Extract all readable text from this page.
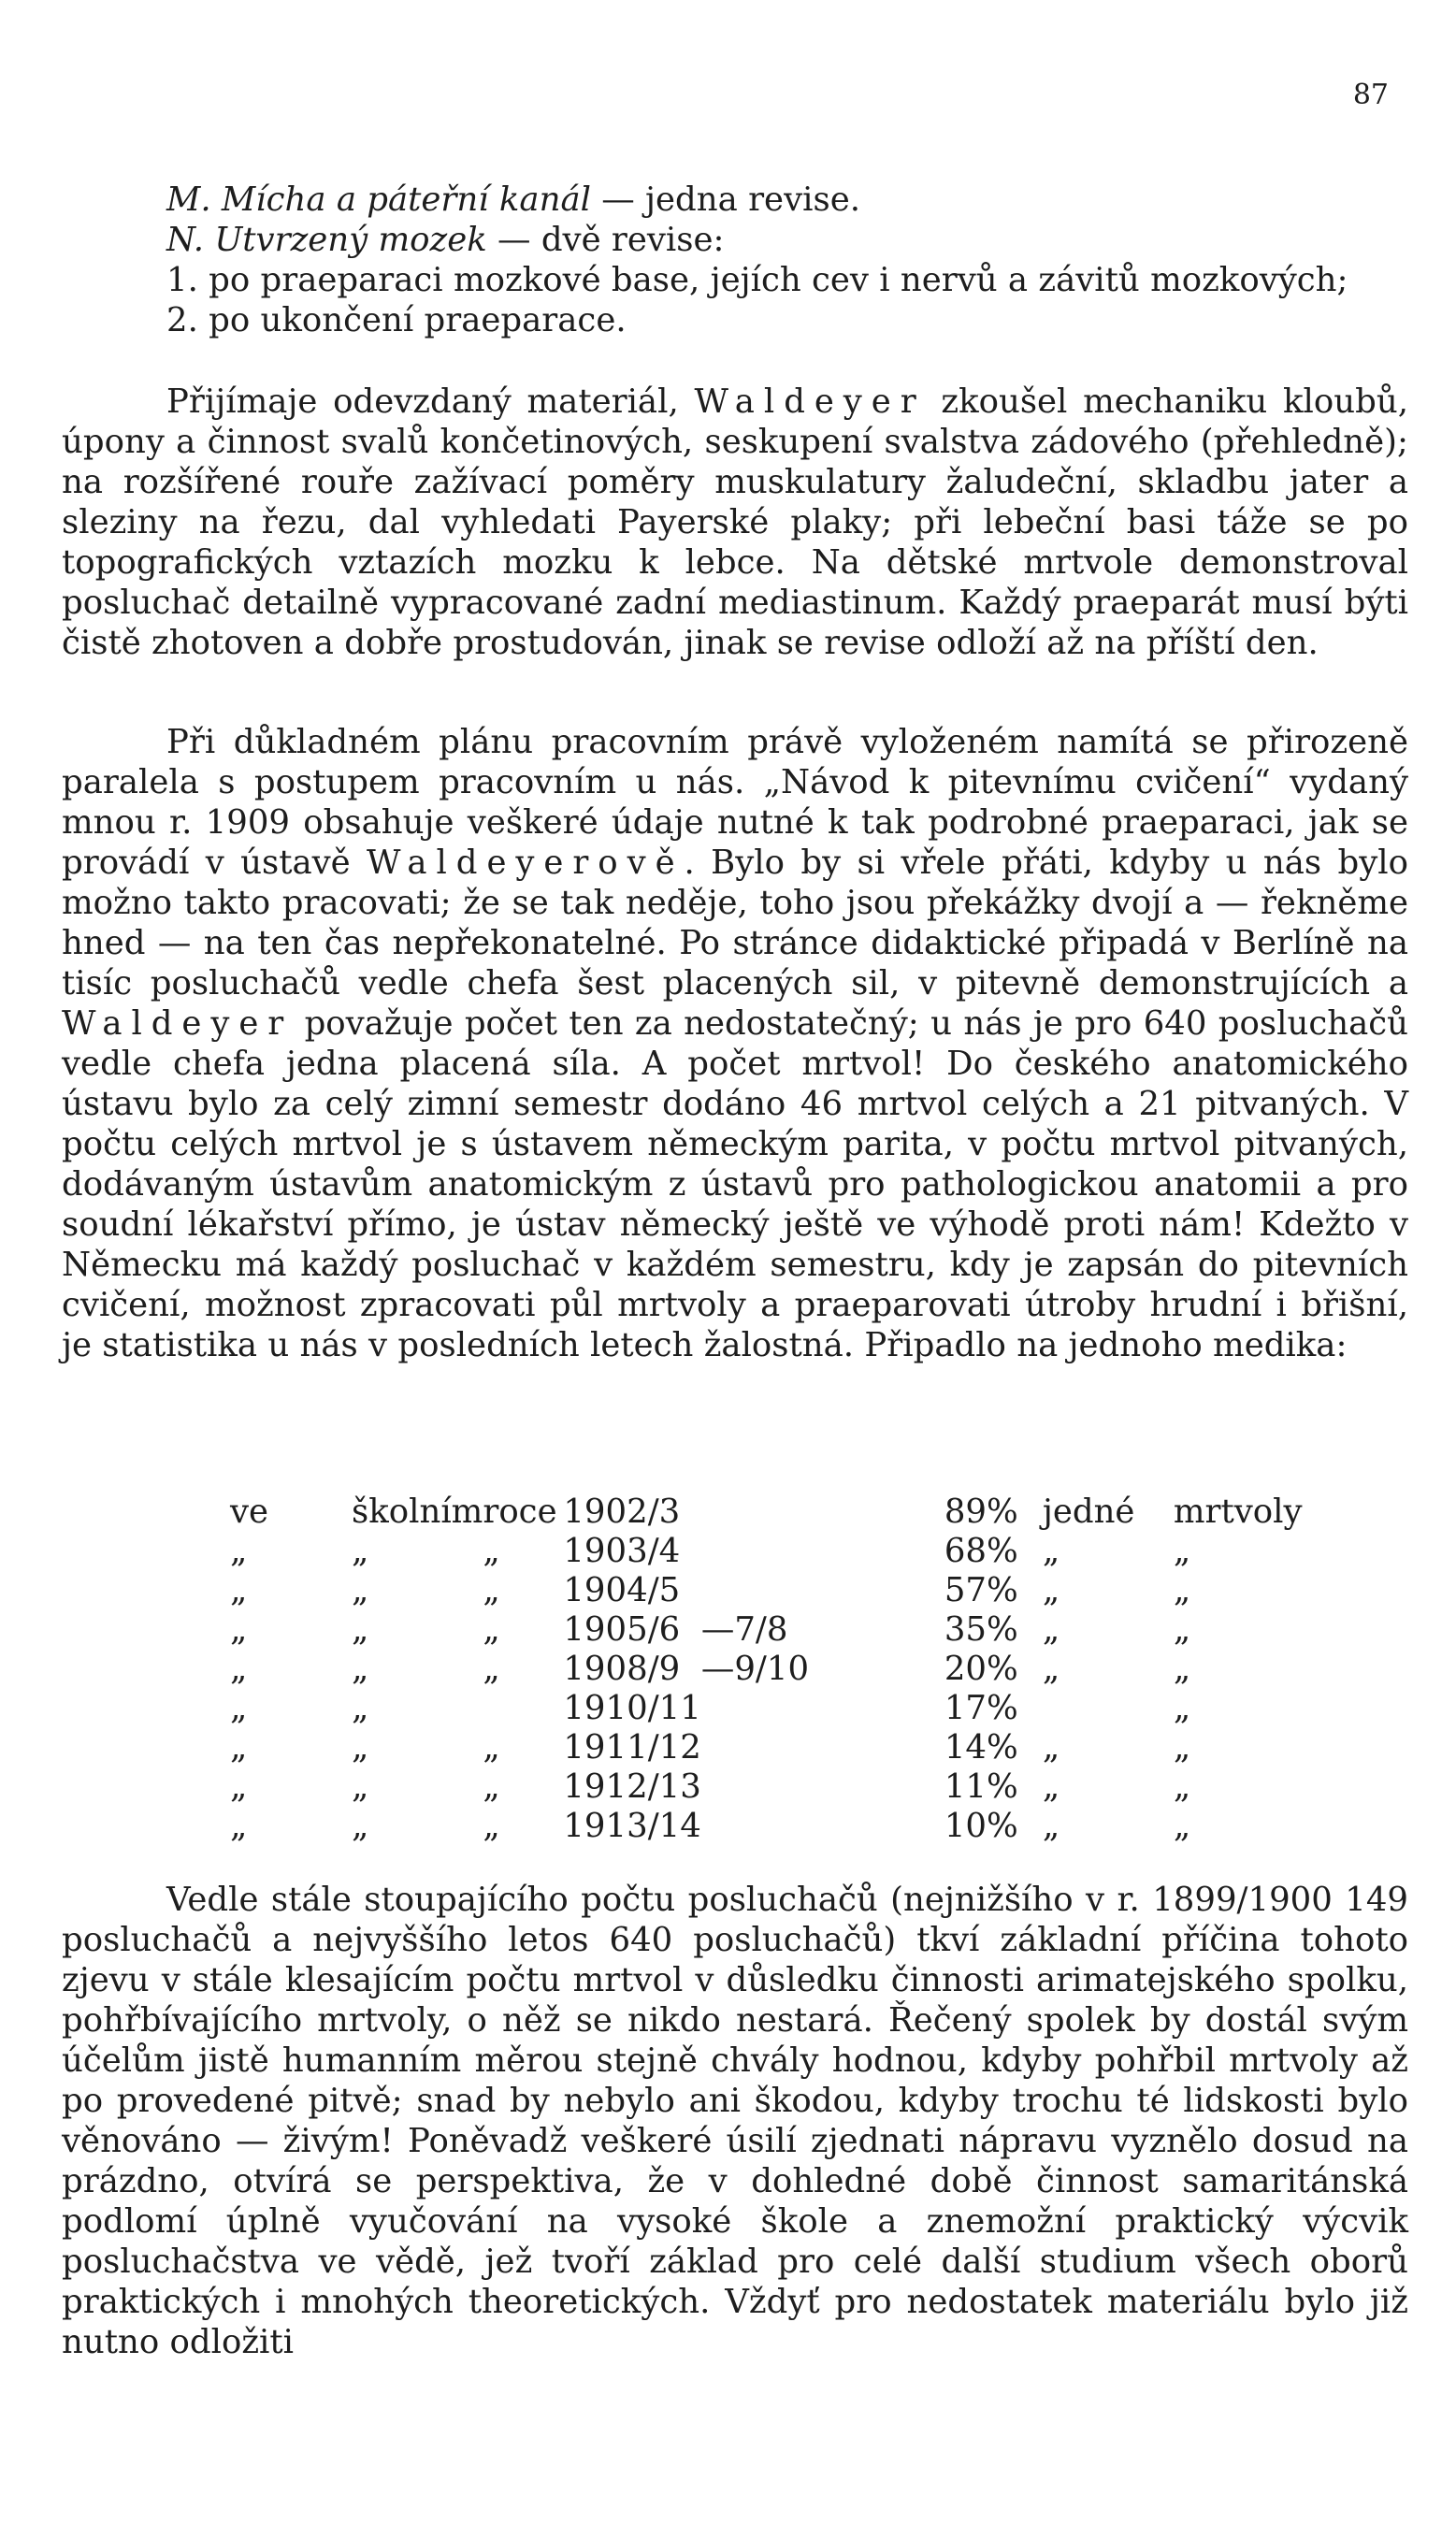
87

M. Mícha a páteřní kanál — jedna revise.

N. Utvrzený mozek — dvě revise:

1. po praeparaci mozkové base, jejích cev i nervů a závitů mozkových;

2. po ukončení praeparace.

Přijímaje odevzdaný materiál, Waldeyer zkoušel mechaniku kloubů, úpony a činnost svalů končetinových, seskupení svalstva zádového (přehledně); na rozšířené rouře zažívací poměry muskulatury žaludeční, skladbu jater a sleziny na řezu, dal vyhledati Payerské plaky; při lebeční basi táže se po topografických vztazích mozku k lebce. Na dětské mrtvole demonstroval posluchač detailně vypracované zadní mediastinum. Každý praeparát musí býti čistě zhotoven a dobře prostudován, jinak se revise odloží až na příští den.

Při důkladném plánu pracovním právě vyloženém namítá se přirozeně paralela s postupem pracovním u nás. „Návod k pitevnímu cvičení“ vydaný mnou r. 1909 obsahuje veškeré údaje nutné k tak podrobné praeparaci, jak se provádí v ústavě Waldeyerově. Bylo by si vřele přáti, kdyby u nás bylo možno takto pracovati; že se tak neděje, toho jsou překážky dvojí a — řekněme hned — na ten čas nepřekonatelné. Po stránce didaktické připadá v Berlíně na tisíc posluchačů vedle chefa šest placených sil, v pitevně demonstrujících a Waldeyer považuje počet ten za nedostatečný; u nás je pro 640 posluchačů vedle chefa jedna placená síla. A počet mrtvol! Do českého anatomického ústavu bylo za celý zimní semestr dodáno 46 mrtvol celých a 21 pitvaných. V počtu celých mrtvol je s ústavem německým parita, v počtu mrtvol pitvaných, dodávaným ústavům anatomickým z ústavů pro pathologickou anatomii a pro soudní lékařství přímo, je ústav německý ještě ve výhodě proti nám! Kdežto v Německu má každý posluchač v každém semestru, kdy je zapsán do pitevních cvičení, možnost zpracovati půl mrtvoly a praeparovati útroby hrudní i břišní, je statistika u nás v posledních letech žalostná. Připadlo na jednoho medika:

ve	školním	roce	1902/3		89%	jedné	mrtvoly
„	„	„	1903/4		68%	„	„
„	„	„	1904/5		57%	„	„
„	„	„	1905/6	—7/8	35%	„	„
„	„	„	1908/9	—9/10	20%	„	„
„	„		1910/11		17%		„
„	„	„	1911/12		14%	„	„
„	„	„	1912/13		11%	„	„
„	„	„	1913/14		10%	„	„

Vedle stále stoupajícího počtu posluchačů (nejnižšího v r. 1899/1900 149 posluchačů a nejvyššího letos 640 posluchačů) tkví základní příčina tohoto zjevu v stále klesajícím počtu mrtvol v důsledku činnosti arimatejského spolku, pohřbívajícího mrtvoly, o něž se nikdo nestará. Řečený spolek by dostál svým účelům jistě humanním měrou stejně chvály hodnou, kdyby pohřbil mrtvoly až po provedené pitvě; snad by nebylo ani škodou, kdyby trochu té lidskosti bylo věnováno — živým! Poněvadž veškeré úsilí zjednati nápravu vyznělo dosud na prázdno, otvírá se perspektiva, že v dohledné době činnost samaritánská podlomí úplně vyučování na vysoké škole a znemožní praktický výcvik posluchačstva ve vědě, jež tvoří základ pro celé další studium všech oborů praktických i mnohých theoretických. Vždyť pro nedostatek materiálu bylo již nutno odložiti
